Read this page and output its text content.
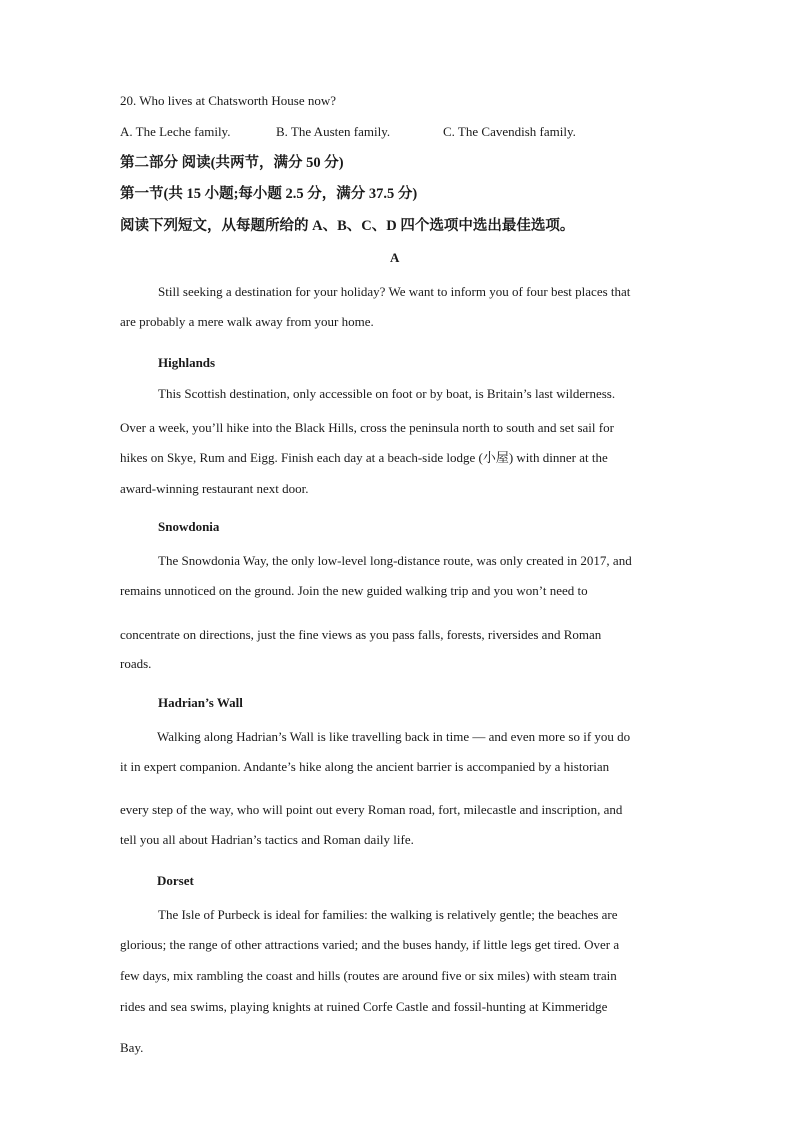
20. Who lives at Chatsworth House now?
A. The Leche family.	B. The Austen family.	C. The Cavendish family.
第二部分 阅读(共两节，满分 50 分)
第一节(共 15 小题;每小题 2.5 分，满分 37.5 分)
阅读下列短文，从每题所给的 A、B、C、D 四个选项中选出最佳选项。
A
Still seeking a destination for your holiday? We want to inform you of four best places that
are probably a mere walk away from your home.
Highlands
This Scottish destination, only accessible on foot or by boat, is Britain’s last wilderness.
Over a week, you’ll hike into the Black Hills, cross the peninsula north to south and set sail for
hikes on Skye, Rum and Eigg. Finish each day at a beach-side lodge (小屋) with dinner at the
award-winning restaurant next door.
Snowdonia
The Snowdonia Way, the only low-level long-distance route, was only created in 2017, and
remains unnoticed on the ground. Join the new guided walking trip and you won’t need to
concentrate on directions, just the fine views as you pass falls, forests, riversides and Roman
roads.
Hadrian’s Wall
Walking along Hadrian’s Wall is like travelling back in time — and even more so if you do
it in expert companion. Andante’s hike along the ancient barrier is accompanied by a historian
every step of the way, who will point out every Roman road, fort, milecastle and inscription, and
tell you all about Hadrian’s tactics and Roman daily life.
Dorset
The Isle of Purbeck is ideal for families: the walking is relatively gentle; the beaches are
glorious; the range of other attractions varied; and the buses handy, if little legs get tired. Over a
few days, mix rambling the coast and hills (routes are around five or six miles) with steam train
rides and sea swims, playing knights at ruined Corfe Castle and fossil-hunting at Kimmeridge
Bay.
